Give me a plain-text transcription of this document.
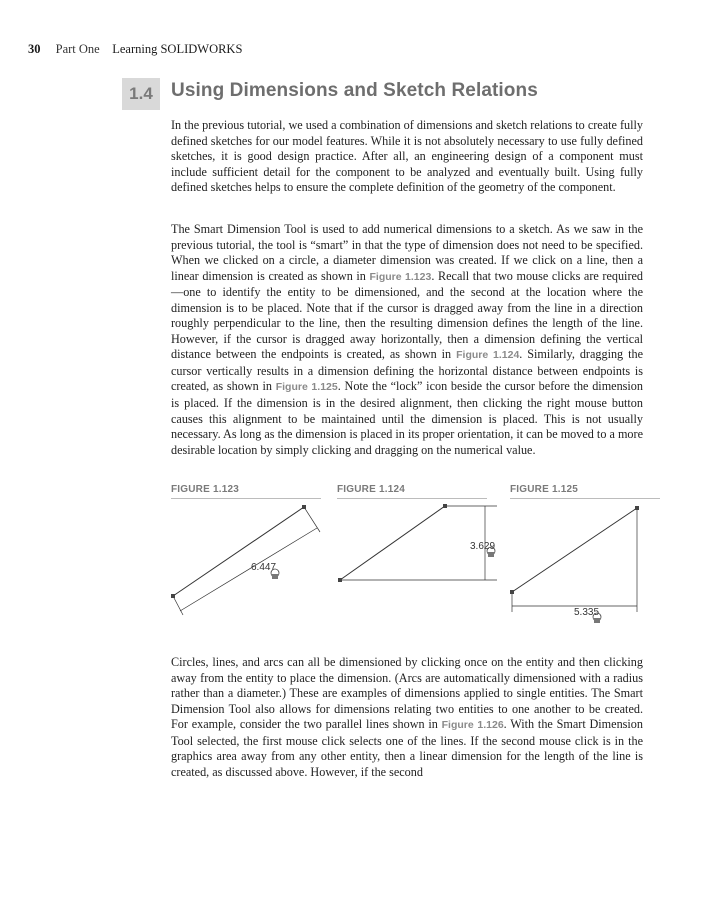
30 Part One Learning SOLIDWORKS
1.4 Using Dimensions and Sketch Relations

In the previous tutorial, we used a combination of dimensions and sketch relations to create fully defined sketches for our model features. While it is not absolutely necessary to use fully defined sketches, it is good design practice. After all, an engineering design of a component must include sufficient detail for the component to be analyzed and eventually built. Using fully defined sketches helps to ensure the complete definition of the geometry of the component.

The Smart Dimension Tool is used to add numerical dimensions to a sketch. As we saw in the previous tutorial, the tool is “smart” in that the type of dimension does not need to be specified. When we clicked on a circle, a diameter dimension was created. If we click on a line, then a linear dimension is created as shown in Figure 1.123. Recall that two mouse clicks are required—one to identify the entity to be dimensioned, and the second at the location where the dimension is to be placed. Note that if the cursor is dragged away from the line in a direction roughly perpendicular to the line, then the resulting dimension defines the length of the line. However, if the cursor is dragged away horizontally, then a dimension defining the vertical distance between the endpoints is created, as shown in Figure 1.124. Similarly, dragging the cursor vertically results in a dimension defining the horizontal distance between endpoints is created, as shown in Figure 1.125. Note the “lock” icon beside the cursor before the dimension is placed. If the dimension is in the desired alignment, then clicking the right mouse button causes this alignment to be maintained until the dimension is placed. This is not usually necessary. As long as the dimension is placed in its proper orientation, it can be moved to a more desirable location by simply clicking and dragging on the numerical value.

FIGURE 1.123
6.447
FIGURE 1.124
3.629
FIGURE 1.125
5.335

Circles, lines, and arcs can all be dimensioned by clicking once on the entity and then clicking away from the entity to place the dimension. (Arcs are automatically dimensioned with a radius rather than a diameter.) These are examples of dimensions applied to single entities. The Smart Dimension Tool also allows for dimensions relating two entities to one another to be created. For example, consider the two parallel lines shown in Figure 1.126. With the Smart Dimension Tool selected, the first mouse click selects one of the lines. If the second mouse click is in the graphics area away from any other entity, then a linear dimension for the length of the line is created, as discussed above. However, if the second
